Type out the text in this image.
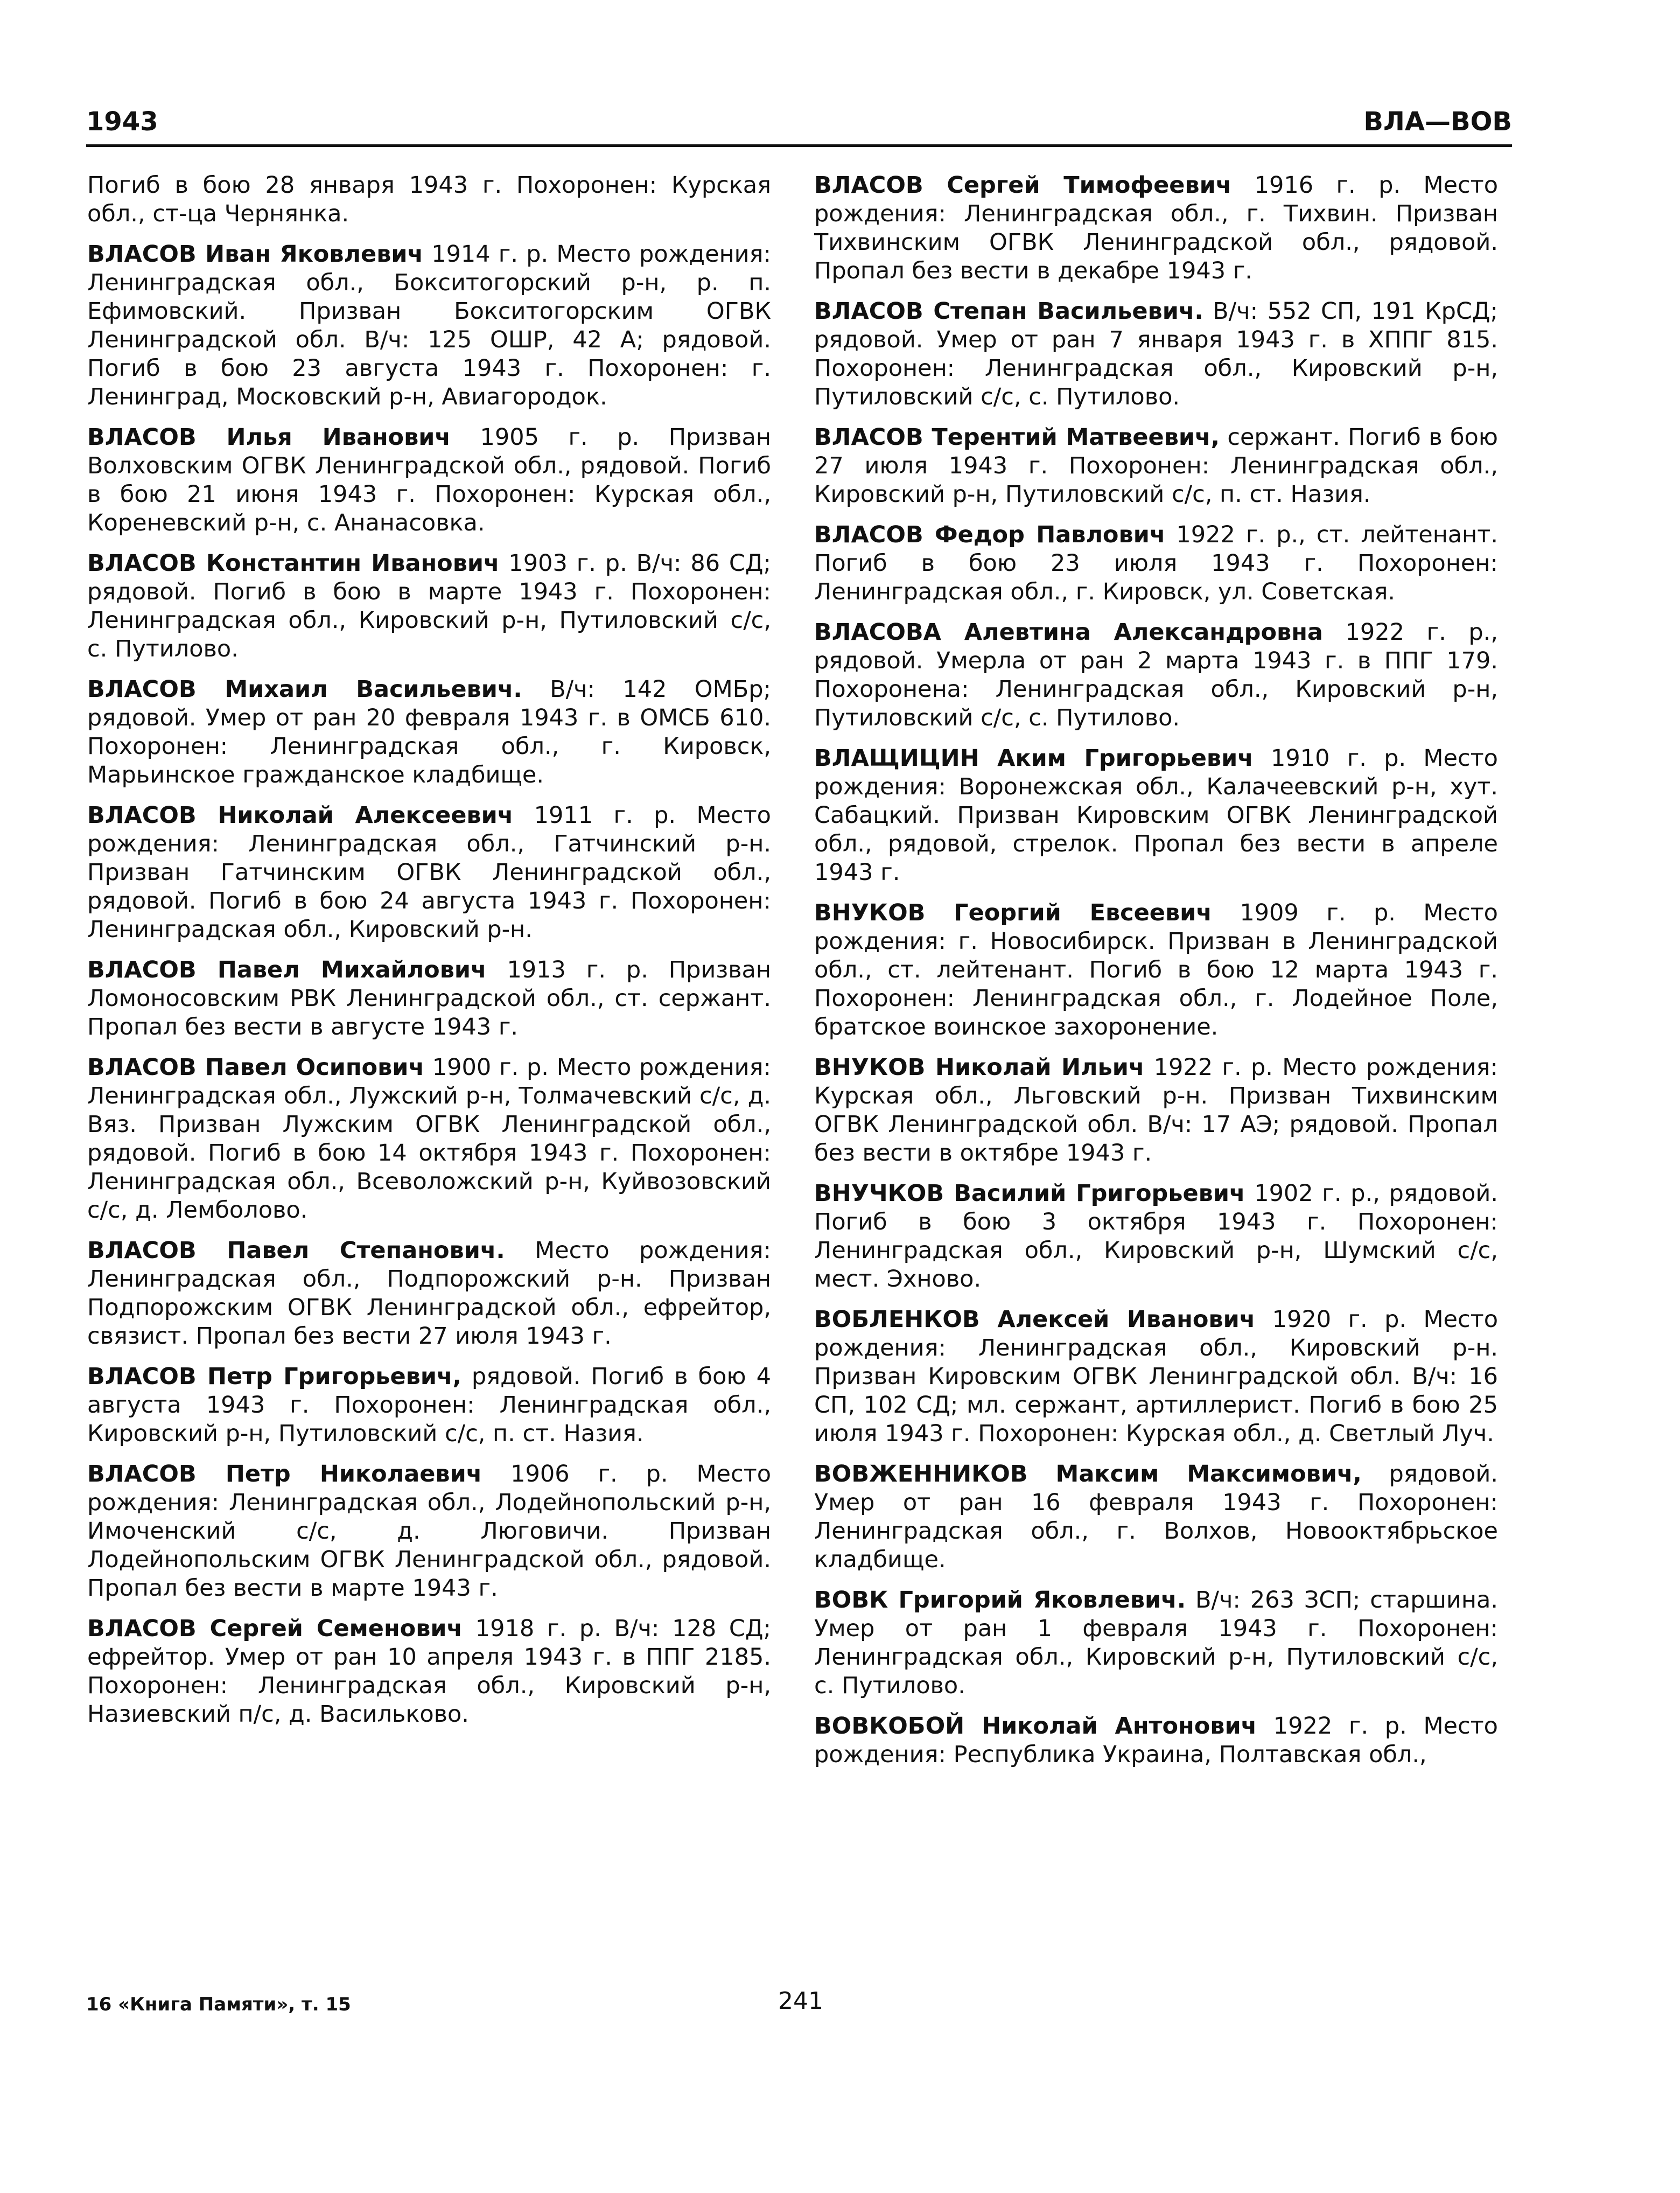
1943	ВЛА—ВОВ

Погиб в бою 28 января 1943 г. Похоронен: Курская обл., ст-ца Чернянка.

ВЛАСОВ Иван Яковлевич 1914 г. р. Место рождения: Ленинградская обл., Бокситогорский р-н, р. п. Ефимовский. Призван Бокситогорским ОГВК Ленинградской обл. В/ч: 125 ОШР, 42 А; рядовой. Погиб в бою 23 августа 1943 г. Похоронен: г. Ленинград, Московский р-н, Авиагородок.

ВЛАСОВ Илья Иванович 1905 г. р. Призван Волховским ОГВК Ленинградской обл., рядовой. Погиб в бою 21 июня 1943 г. Похоронен: Курская обл., Кореневский р-н, с. Ананасовка.

ВЛАСОВ Константин Иванович 1903 г. р. В/ч: 86 СД; рядовой. Погиб в бою в марте 1943 г. Похоронен: Ленинградская обл., Кировский р-н, Путиловский с/с, с. Путилово.

ВЛАСОВ Михаил Васильевич. В/ч: 142 ОМБр; рядовой. Умер от ран 20 февраля 1943 г. в ОМСБ 610. Похоронен: Ленинградская обл., г. Кировск, Марьинское гражданское кладбище.

ВЛАСОВ Николай Алексеевич 1911 г. р. Место рождения: Ленинградская обл., Гатчинский р-н. Призван Гатчинским ОГВК Ленинградской обл., рядовой. Погиб в бою 24 августа 1943 г. Похоронен: Ленинградская обл., Кировский р-н.

ВЛАСОВ Павел Михайлович 1913 г. р. Призван Ломоносовским РВК Ленинградской обл., ст. сержант. Пропал без вести в августе 1943 г.

ВЛАСОВ Павел Осипович 1900 г. р. Место рождения: Ленинградская обл., Лужский р-н, Толмачевский с/с, д. Вяз. Призван Лужским ОГВК Ленинградской обл., рядовой. Погиб в бою 14 октября 1943 г. Похоронен: Ленинградская обл., Всеволожский р-н, Куйвозовский с/с, д. Лемболово.

ВЛАСОВ Павел Степанович. Место рождения: Ленинградская обл., Подпорожский р-н. Призван Подпорожским ОГВК Ленинградской обл., ефрейтор, связист. Пропал без вести 27 июля 1943 г.

ВЛАСОВ Петр Григорьевич, рядовой. Погиб в бою 4 августа 1943 г. Похоронен: Ленинградская обл., Кировский р-н, Путиловский с/с, п. ст. Назия.

ВЛАСОВ Петр Николаевич 1906 г. р. Место рождения: Ленинградская обл., Лодейнопольский р-н, Имоченский с/с, д. Люговичи. Призван Лодейнопольским ОГВК Ленинградской обл., рядовой. Пропал без вести в марте 1943 г.

ВЛАСОВ Сергей Семенович 1918 г. р. В/ч: 128 СД; ефрейтор. Умер от ран 10 апреля 1943 г. в ППГ 2185. Похоронен: Ленинградская обл., Кировский р-н, Назиевский п/с, д. Васильково.

ВЛАСОВ Сергей Тимофеевич 1916 г. р. Место рождения: Ленинградская обл., г. Тихвин. Призван Тихвинским ОГВК Ленинградской обл., рядовой. Пропал без вести в декабре 1943 г.

ВЛАСОВ Степан Васильевич. В/ч: 552 СП, 191 КрСД; рядовой. Умер от ран 7 января 1943 г. в ХППГ 815. Похоронен: Ленинградская обл., Кировский р-н, Путиловский с/с, с. Путилово.

ВЛАСОВ Терентий Матвеевич, сержант. Погиб в бою 27 июля 1943 г. Похоронен: Ленинградская обл., Кировский р-н, Путиловский с/с, п. ст. Назия.

ВЛАСОВ Федор Павлович 1922 г. р., ст. лейтенант. Погиб в бою 23 июля 1943 г. Похоронен: Ленинградская обл., г. Кировск, ул. Советская.

ВЛАСОВА Алевтина Александровна 1922 г. р., рядовой. Умерла от ран 2 марта 1943 г. в ППГ 179. Похоронена: Ленинградская обл., Кировский р-н, Путиловский с/с, с. Путилово.

ВЛАЩИЦИН Аким Григорьевич 1910 г. р. Место рождения: Воронежская обл., Калачеевский р-н, хут. Сабацкий. Призван Кировским ОГВК Ленинградской обл., рядовой, стрелок. Пропал без вести в апреле 1943 г.

ВНУКОВ Георгий Евсеевич 1909 г. р. Место рождения: г. Новосибирск. Призван в Ленинградской обл., ст. лейтенант. Погиб в бою 12 марта 1943 г. Похоронен: Ленинградская обл., г. Лодейное Поле, братское воинское захоронение.

ВНУКОВ Николай Ильич 1922 г. р. Место рождения: Курская обл., Льговский р-н. Призван Тихвинским ОГВК Ленинградской обл. В/ч: 17 АЭ; рядовой. Пропал без вести в октябре 1943 г.

ВНУЧКОВ Василий Григорьевич 1902 г. р., рядовой. Погиб в бою 3 октября 1943 г. Похоронен: Ленинградская обл., Кировский р-н, Шумский с/с, мест. Эхново.

ВОБЛЕНКОВ Алексей Иванович 1920 г. р. Место рождения: Ленинградская обл., Кировский р-н. Призван Кировским ОГВК Ленинградской обл. В/ч: 16 СП, 102 СД; мл. сержант, артиллерист. Погиб в бою 25 июля 1943 г. Похоронен: Курская обл., д. Светлый Луч.

ВОВЖЕННИКОВ Максим Максимович, рядовой. Умер от ран 16 февраля 1943 г. Похоронен: Ленинградская обл., г. Волхов, Новооктябрьское кладбище.

ВОВК Григорий Яковлевич. В/ч: 263 ЗСП; старшина. Умер от ран 1 февраля 1943 г. Похоронен: Ленинградская обл., Кировский р-н, Путиловский с/с, с. Путилово.

ВОВКОБОЙ Николай Антонович 1922 г. р. Место рождения: Республика Украина, Полтавская обл.,

16 «Книга Памяти», т. 15	241
